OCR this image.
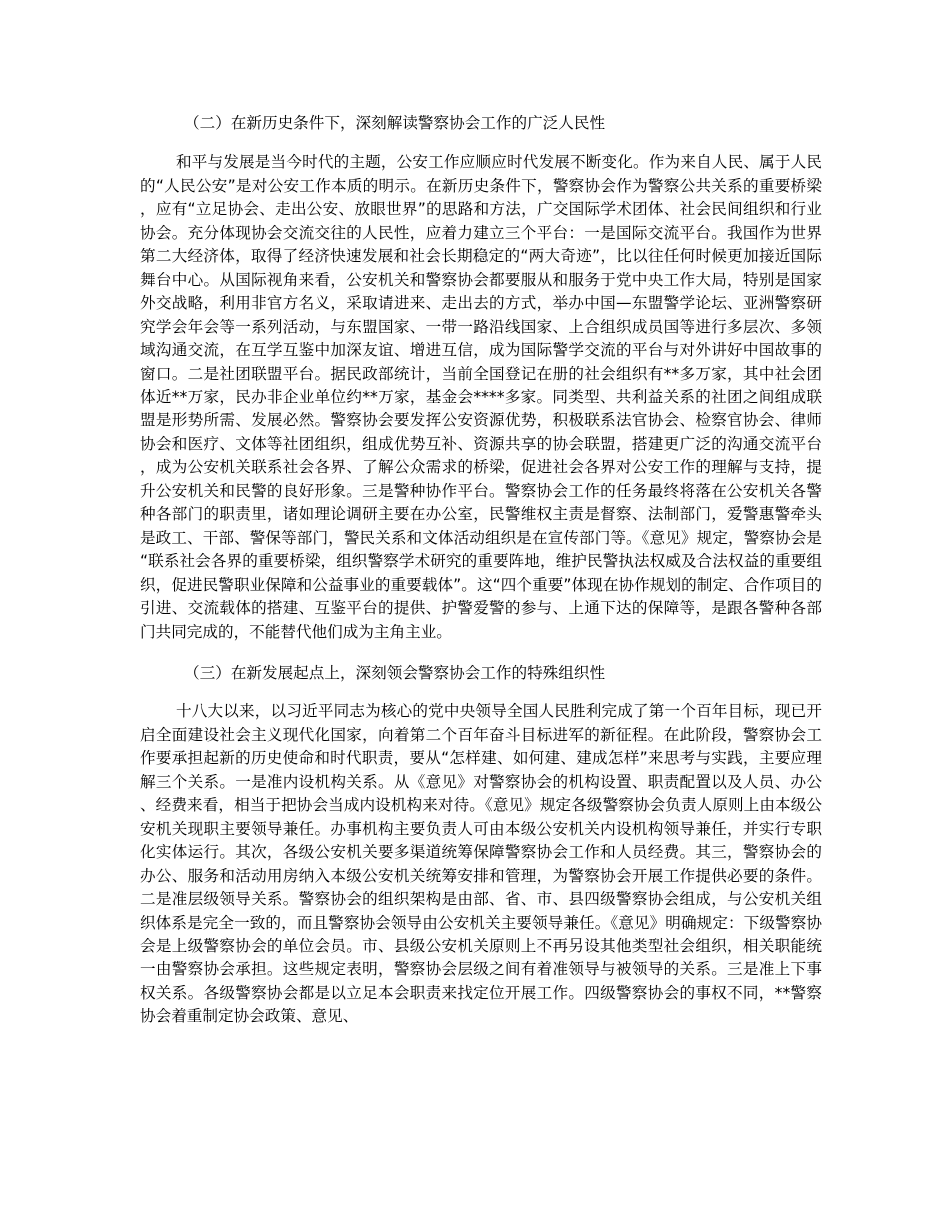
（二）在新历史条件下，深刻解读警察协会工作的广泛人民性

和平与发展是当今时代的主题，公安工作应顺应时代发展不断变化。作为来自人民、属于人民的“人民公安”是对公安工作本质的明示。在新历史条件下，警察协会作为警察公共关系的重要桥梁，应有“立足协会、走出公安、放眼世界”的思路和方法，广交国际学术团体、社会民间组织和行业协会。充分体现协会交流交往的人民性，应着力建立三个平台：一是国际交流平台。我国作为世界第二大经济体，取得了经济快速发展和社会长期稳定的“两大奇迹”，比以往任何时候更加接近国际舞台中心。从国际视角来看，公安机关和警察协会都要服从和服务于党中央工作大局，特别是国家外交战略，利用非官方名义，采取请进来、走出去的方式，举办中国—东盟警学论坛、亚洲警察研究学会年会等一系列活动，与东盟国家、一带一路沿线国家、上合组织成员国等进行多层次、多领域沟通交流，在互学互鉴中加深友谊、增进互信，成为国际警学交流的平台与对外讲好中国故事的窗口。二是社团联盟平台。据民政部统计，当前全国登记在册的社会组织有**多万家，其中社会团体近**万家，民办非企业单位约**万家，基金会****多家。同类型、共利益关系的社团之间组成联盟是形势所需、发展必然。警察协会要发挥公安资源优势，积极联系法官协会、检察官协会、律师协会和医疗、文体等社团组织，组成优势互补、资源共享的协会联盟，搭建更广泛的沟通交流平台，成为公安机关联系社会各界、了解公众需求的桥梁，促进社会各界对公安工作的理解与支持，提升公安机关和民警的良好形象。三是警种协作平台。警察协会工作的任务最终将落在公安机关各警种各部门的职责里，诸如理论调研主要在办公室，民警维权主责是督察、法制部门，爱警惠警牵头是政工、干部、警保等部门，警民关系和文体活动组织是在宣传部门等。《意见》规定，警察协会是“联系社会各界的重要桥梁，组织警察学术研究的重要阵地，维护民警执法权威及合法权益的重要组织，促进民警职业保障和公益事业的重要载体”。这“四个重要”体现在协作规划的制定、合作项目的引进、交流载体的搭建、互鉴平台的提供、护警爱警的参与、上通下达的保障等，是跟各警种各部门共同完成的，不能替代他们成为主角主业。

（三）在新发展起点上，深刻领会警察协会工作的特殊组织性

十八大以来，以习近平同志为核心的党中央领导全国人民胜利完成了第一个百年目标，现已开启全面建设社会主义现代化国家，向着第二个百年奋斗目标进军的新征程。在此阶段，警察协会工作要承担起新的历史使命和时代职责，要从“怎样建、如何建、建成怎样”来思考与实践，主要应理解三个关系。一是准内设机构关系。从《意见》对警察协会的机构设置、职责配置以及人员、办公、经费来看，相当于把协会当成内设机构来对待。《意见》规定各级警察协会负责人原则上由本级公安机关现职主要领导兼任。办事机构主要负责人可由本级公安机关内设机构领导兼任，并实行专职化实体运行。其次，各级公安机关要多渠道统筹保障警察协会工作和人员经费。其三，警察协会的办公、服务和活动用房纳入本级公安机关统筹安排和管理，为警察协会开展工作提供必要的条件。二是准层级领导关系。警察协会的组织架构是由部、省、市、县四级警察协会组成，与公安机关组织体系是完全一致的，而且警察协会领导由公安机关主要领导兼任。《意见》明确规定：下级警察协会是上级警察协会的单位会员。市、县级公安机关原则上不再另设其他类型社会组织，相关职能统一由警察协会承担。这些规定表明，警察协会层级之间有着准领导与被领导的关系。三是准上下事权关系。各级警察协会都是以立足本会职责来找定位开展工作。四级警察协会的事权不同，**警察协会着重制定协会政策、意见、
